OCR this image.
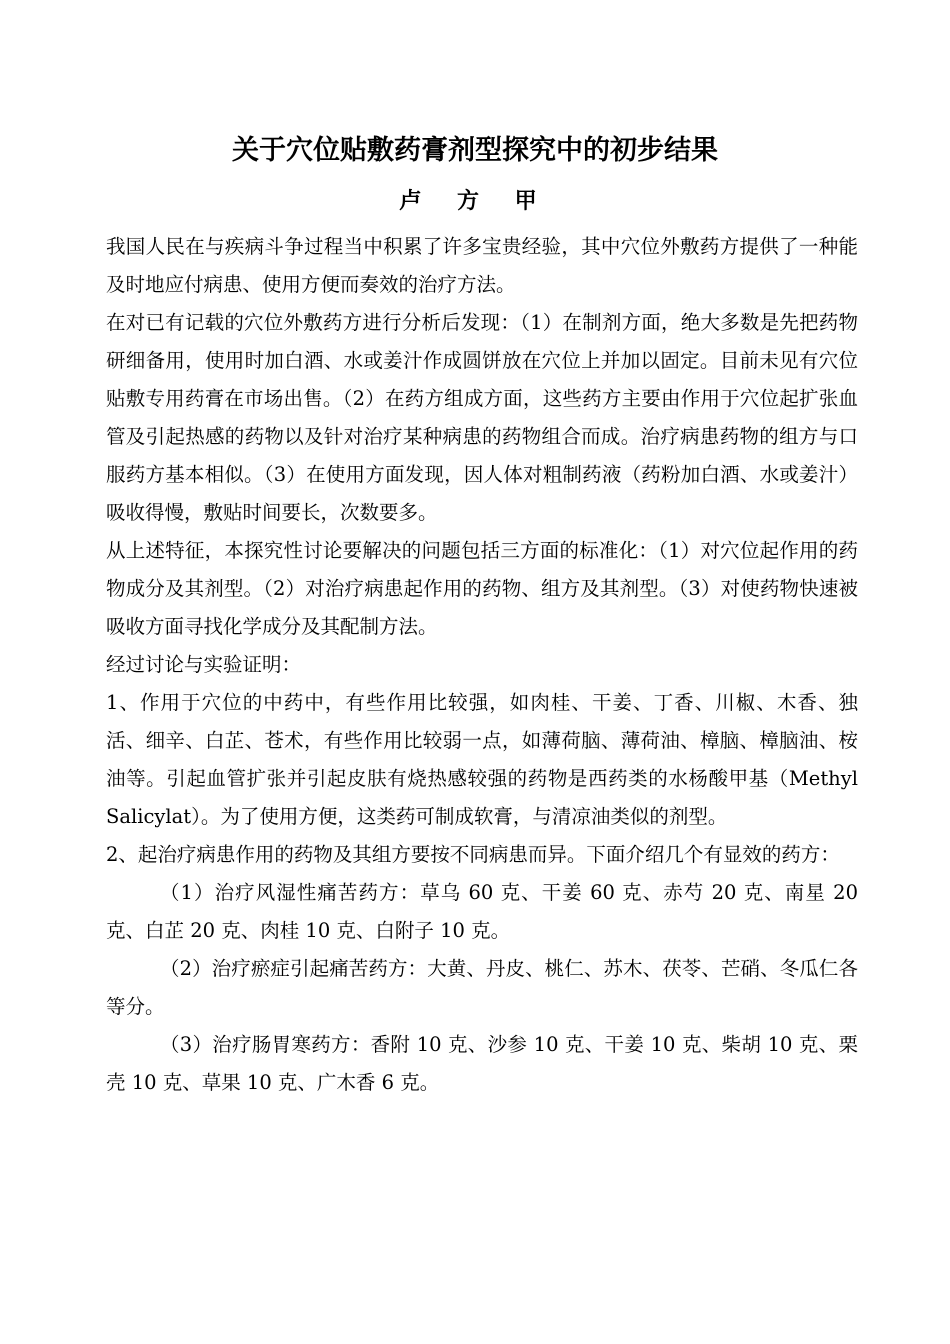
关于穴位贴敷药膏剂型探究中的初步结果
卢 方 甲

我国人民在与疾病斗争过程当中积累了许多宝贵经验，其中穴位外敷药方提供了一种能及时地应付病患、使用方便而奏效的治疗方法。

在对已有记载的穴位外敷药方进行分析后发现：（1）在制剂方面，绝大多数是先把药物研细备用，使用时加白酒、水或姜汁作成圆饼放在穴位上并加以固定。目前未见有穴位贴敷专用药膏在市场出售。（2）在药方组成方面，这些药方主要由作用于穴位起扩张血管及引起热感的药物以及针对治疗某种病患的药物组合而成。治疗病患药物的组方与口服药方基本相似。（3）在使用方面发现，因人体对粗制药液（药粉加白酒、水或姜汁）吸收得慢，敷贴时间要长，次数要多。

从上述特征，本探究性讨论要解决的问题包括三方面的标准化：（1）对穴位起作用的药物成分及其剂型。（2）对治疗病患起作用的药物、组方及其剂型。（3）对使药物快速被吸收方面寻找化学成分及其配制方法。

经过讨论与实验证明：

1、作用于穴位的中药中，有些作用比较强，如肉桂、干姜、丁香、川椒、木香、独活、细辛、白芷、苍术，有些作用比较弱一点，如薄荷脑、薄荷油、樟脑、樟脑油、桉油等。引起血管扩张并引起皮肤有烧热感较强的药物是西药类的水杨酸甲基（Methyl Salicylat）。为了使用方便，这类药可制成软膏，与清凉油类似的剂型。

2、起治疗病患作用的药物及其组方要按不同病患而异。下面介绍几个有显效的药方：

（1）治疗风湿性痛苦药方：草乌 60 克、干姜 60 克、赤芍 20 克、南星 20 克、白芷 20 克、肉桂 10 克、白附子 10 克。

（2）治疗瘀症引起痛苦药方：大黄、丹皮、桃仁、苏木、茯苓、芒硝、冬瓜仁各等分。

（3）治疗肠胃寒药方：香附 10 克、沙参 10 克、干姜 10 克、柴胡 10 克、栗壳 10 克、草果 10 克、广木香 6 克。
